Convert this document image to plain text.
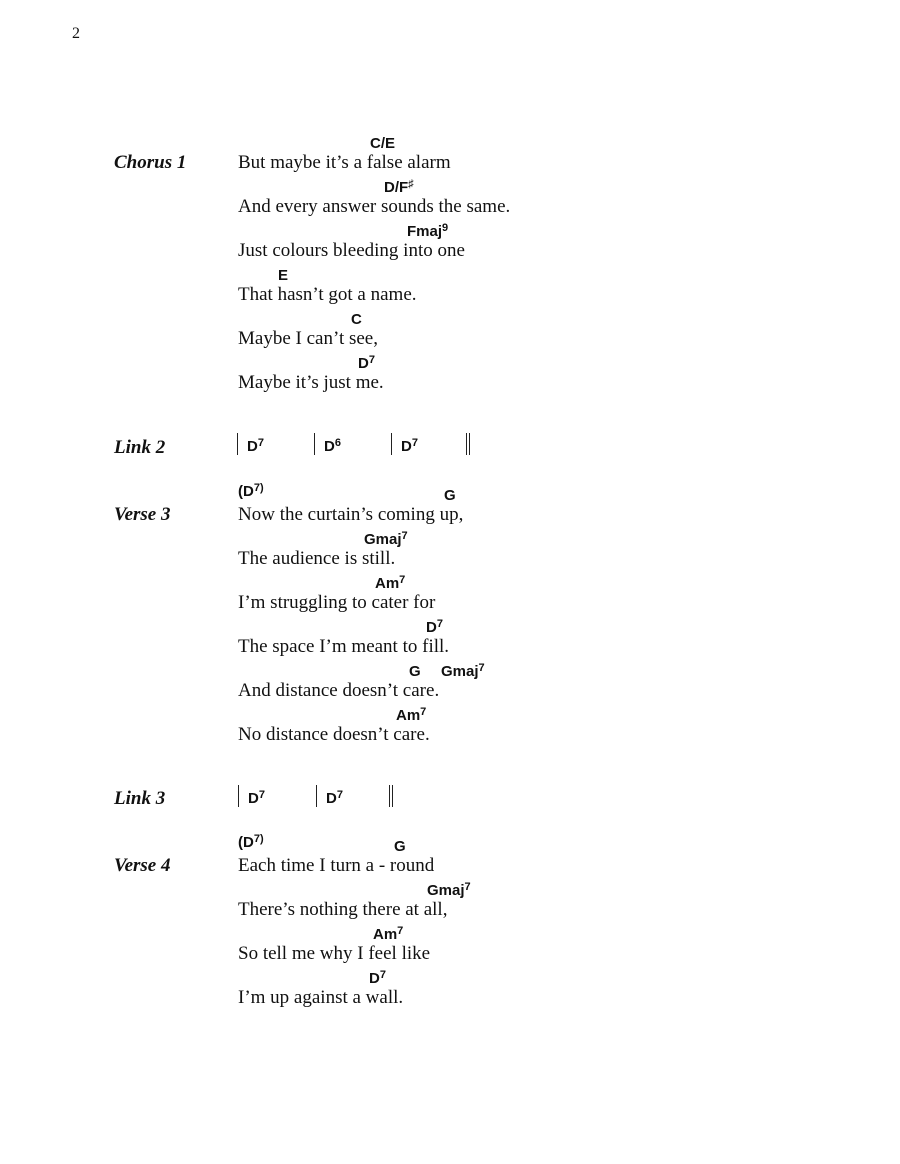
2
Chorus 1
C/E
But maybe it’s a false alarm
D/F♯
And every answer sounds the same.
Fmaj$^9$
Just colours bleeding into one
E
That hasn’t got a name.
C
Maybe I can’t see,
$D^7$
Maybe it’s just me.
Link 2	$D^7$	$D^6$	$D^7$
Verse 3
($D^{7)}$	G
Now the curtain’s coming up,
Gmaj$^7$
The audience is still.
Am$^7$
I’m struggling to cater for
$D^7$
The space I’m meant to fill.
G Gmaj$^7$
And distance doesn’t care.
Am$^7$
No distance doesn’t care.
Link 3	$D^7$	$D^7$
Verse 4
($D^{7)}$	G
Each time I turn a - round
Gmaj$^7$
There’s nothing there at all,
Am$^7$
So tell me why I feel like
$D^7$
I’m up against a wall.
